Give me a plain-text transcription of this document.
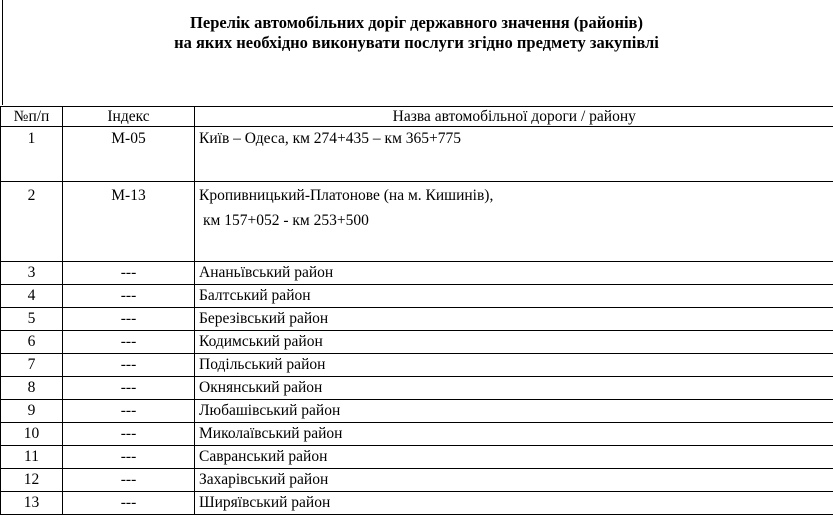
Перелік автомобільних доріг державного значення (районів)
на яких необхідно виконувати послуги згідно предмету закупівлі
№п/п	Індекс	Назва автомобільної дороги / району
1	М-05	Київ – Одеса, км 274+435 – км 365+775

2	М-13	Кропивницький-Платонове (на м. Кишинів),
км 157+052 - км 253+500

3	---	Ананьївський район
4	---	Балтський район
5	---	Березівський район
6	---	Кодимський район
7	---	Подільський район
8	---	Окнянський район
9	---	Любашівський район
10	---	Миколаївський район
11	---	Савранський район
12	---	Захарівський район
13	---	Ширяївський район
